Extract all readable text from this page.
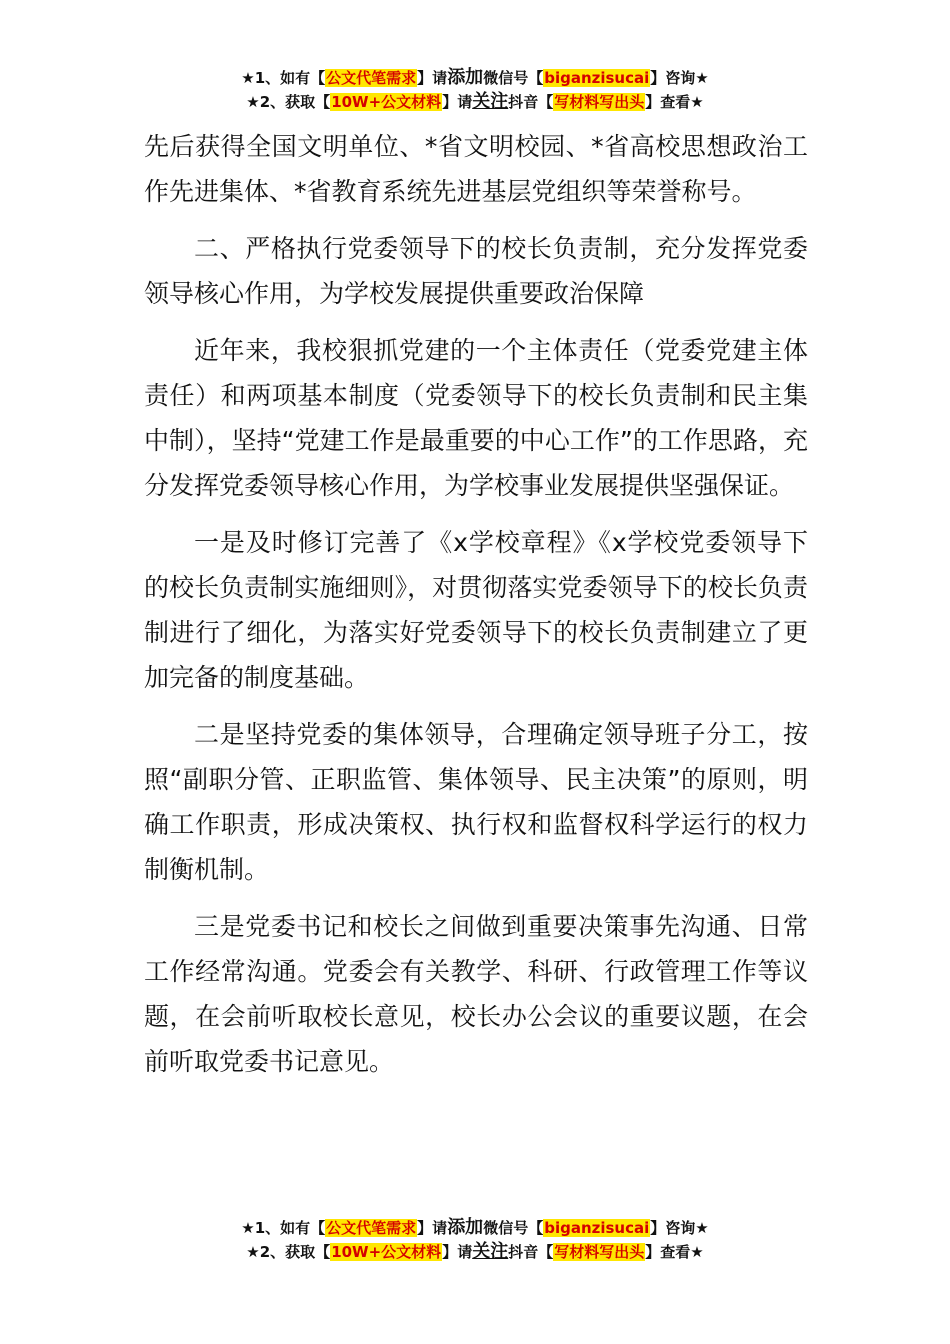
★1、如有【公文代笔需求】请添加微信号【biganzisucai】咨询★
★2、获取【10W+公文材料】请关注抖音【写材料写出头】查看★

先后获得全国文明单位、*省文明校园、*省高校思想政治工作先进集体、*省教育系统先进基层党组织等荣誉称号。

二、严格执行党委领导下的校长负责制，充分发挥党委领导核心作用，为学校发展提供重要政治保障

近年来，我校狠抓党建的一个主体责任（党委党建主体责任）和两项基本制度（党委领导下的校长负责制和民主集中制），坚持“党建工作是最重要的中心工作”的工作思路，充分发挥党委领导核心作用，为学校事业发展提供坚强保证。

一是及时修订完善了《x学校章程》《x学校党委领导下的校长负责制实施细则》，对贯彻落实党委领导下的校长负责制进行了细化，为落实好党委领导下的校长负责制建立了更加完备的制度基础。

二是坚持党委的集体领导，合理确定领导班子分工，按照“副职分管、正职监管、集体领导、民主决策”的原则，明确工作职责，形成决策权、执行权和监督权科学运行的权力制衡机制。

三是党委书记和校长之间做到重要决策事先沟通、日常工作经常沟通。党委会有关教学、科研、行政管理工作等议题，在会前听取校长意见，校长办公会议的重要议题，在会前听取党委书记意见。

★1、如有【公文代笔需求】请添加微信号【biganzisucai】咨询★
★2、获取【10W+公文材料】请关注抖音【写材料写出头】查看★
